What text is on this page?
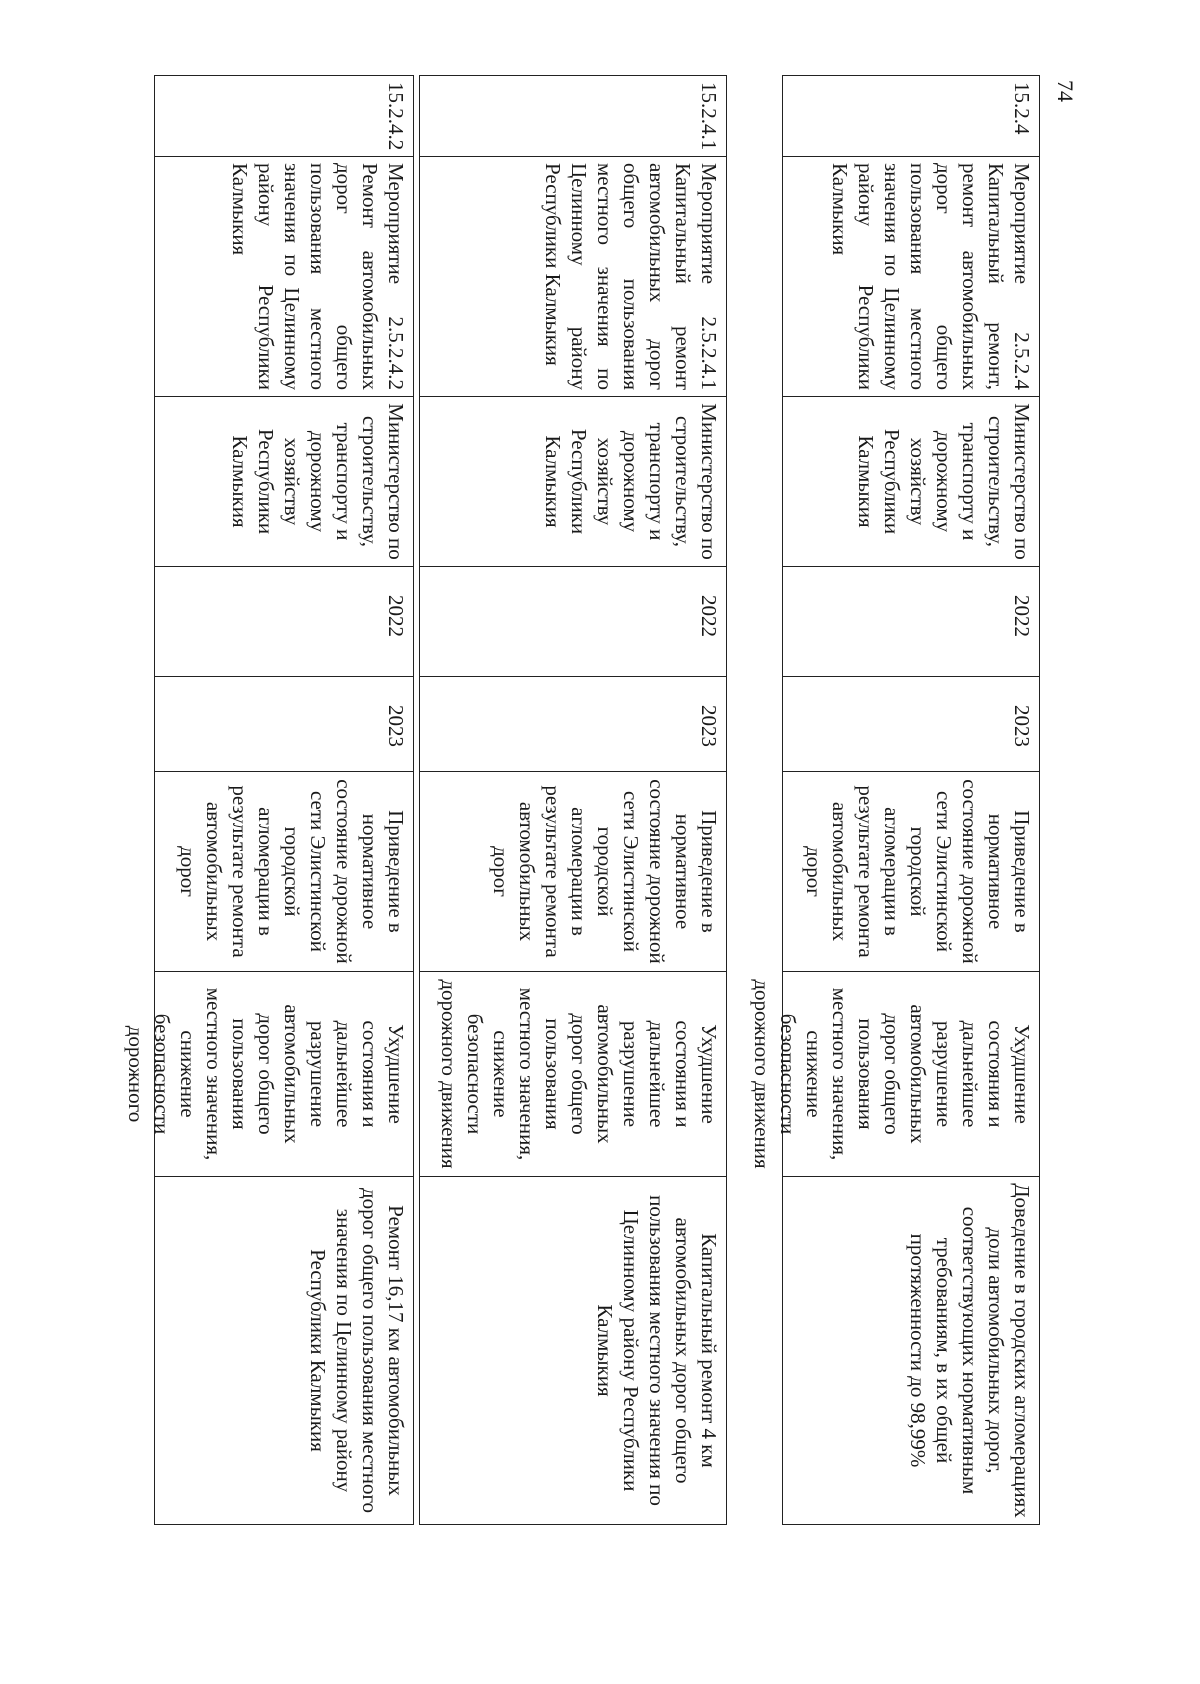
74
15.2.4
Мероприятие 2.5.2.4 Капитальный ремонт, ремонт автомобильных дорог общего пользования местного значения по Целинному району Республики Калмыкия
Министерство по строительству, транспорту и дорожному хозяйству Республики Калмыкия
2022
2023
Приведение в нормативное состояние дорожной сети Элистинской городской агломерации в результате ремонта автомобильных дорог
Ухудшение состояния и дальнейшее разрушение автомобильных дорог общего пользования местного значения, снижение безопасности дорожного движения
Доведение в городских агломерациях доли автомобильных дорог, соответствующих нормативным требованиям, в их общей протяженности до 98,99%
15.2.4.1
Мероприятие 2.5.2.4.1 Капитальный ремонт автомобильных дорог общего пользования местного значения по Целинному району Республики Калмыкия
Министерство по строительству, транспорту и дорожному хозяйству Республики Калмыкия
2022
2023
Приведение в нормативное состояние дорожной сети Элистинской городской агломерации в результате ремонта автомобильных дорог
Ухудшение состояния и дальнейшее разрушение автомобильных дорог общего пользования местного значения, снижение безопасности дорожного движения
Капитальный ремонт 4 км автомобильных дорог общего пользования местного значения по Целинному району Республики Калмыкия
15.2.4.2
Мероприятие 2.5.2.4.2 Ремонт автомобильных дорог общего пользования местного значения по Целинному району Республики Калмыкия
Министерство по строительству, транспорту и дорожному хозяйству Республики Калмыкия
2022
2023
Приведение в нормативное состояние дорожной сети Элистинской городской агломерации в результате ремонта автомобильных дорог
Ухудшение состояния и дальнейшее разрушение автомобильных дорог общего пользования местного значения, снижение безопасности дорожного
Ремонт 16,17 км автомобильных дорог общего пользования местного значения по Целинному району Республики Калмыкия
